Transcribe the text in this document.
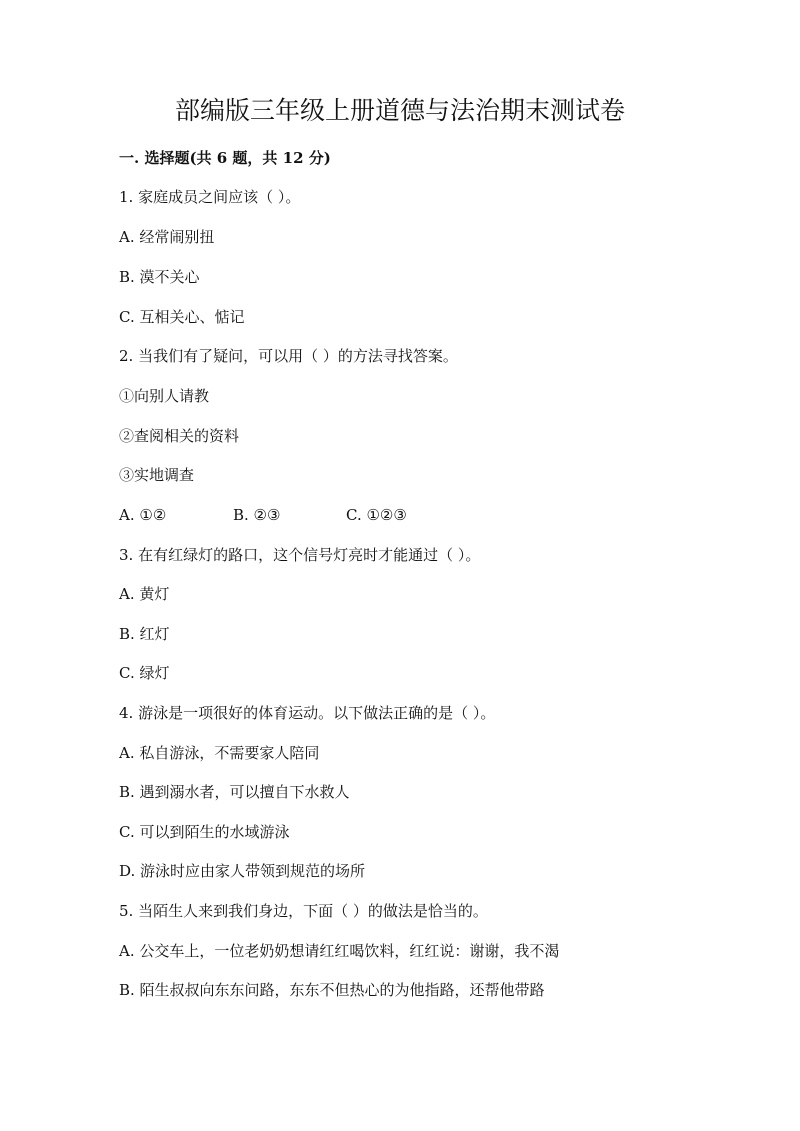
部编版三年级上册道德与法治期末测试卷
一. 选择题(共 6 题，共 12 分)
1. 家庭成员之间应该（ ）。
A. 经常闹别扭
B. 漠不关心
C. 互相关心、惦记
2. 当我们有了疑问，可以用（ ）的方法寻找答案。
①向别人请教
②查阅相关的资料
③实地调查
A. ①②	B. ②③	C. ①②③
3. 在有红绿灯的路口，这个信号灯亮时才能通过（ ）。
A. 黄灯
B. 红灯
C. 绿灯
4. 游泳是一项很好的体育运动。以下做法正确的是（ ）。
A. 私自游泳，不需要家人陪同
B. 遇到溺水者，可以擅自下水救人
C. 可以到陌生的水域游泳
D. 游泳时应由家人带领到规范的场所
5. 当陌生人来到我们身边，下面（ ）的做法是恰当的。
A. 公交车上，一位老奶奶想请红红喝饮料，红红说：谢谢，我不渴
B. 陌生叔叔向东东问路，东东不但热心的为他指路，还帮他带路
